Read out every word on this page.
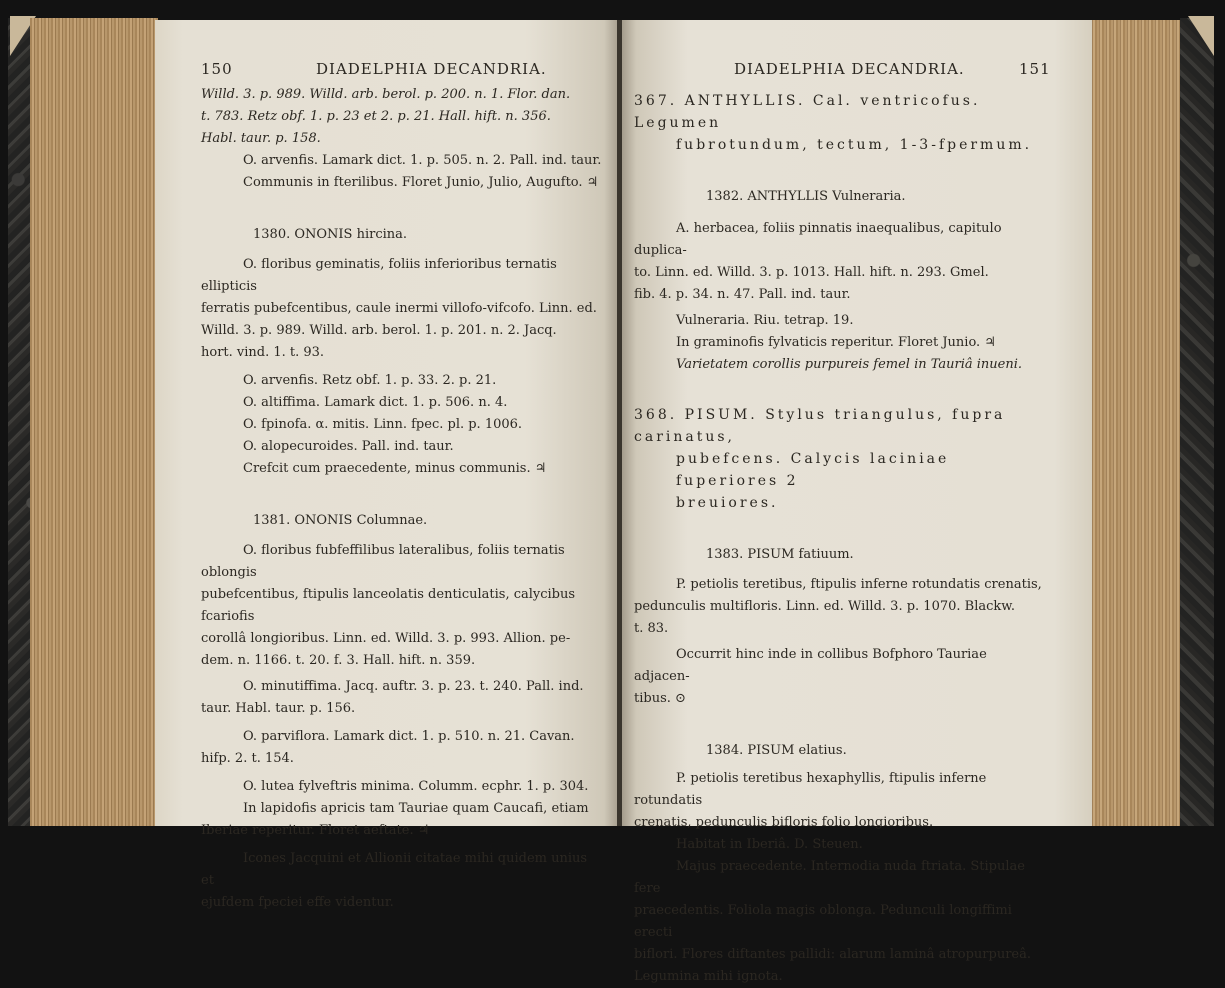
150	DIADELPHIA DECANDRIA.

Willd. 3. p. 989. Willd. arb. berol. p. 200. n. 1. Flor. dan.

t. 783. Retz obf. 1. p. 23 et 2. p. 21. Hall. hift. n. 356.

Habl. taur. p. 158.

O. arvenfis. Lamark dict. 1. p. 505. n. 2. Pall. ind. taur.

Communis in fterilibus. Floret Junio, Julio, Augufto. ♃

1380. ONONIS hircina.

O. floribus geminatis, foliis inferioribus ternatis ellipticis

ferratis pubefcentibus, caule inermi villofo-vifcofo. Linn. ed.

Willd. 3. p. 989. Willd. arb. berol. 1. p. 201. n. 2. Jacq.

hort. vind. 1. t. 93.

O. arvenfis. Retz obf. 1. p. 33. 2. p. 21.

O. altiffima. Lamark dict. 1. p. 506. n. 4.

O. fpinofa. α. mitis. Linn. fpec. pl. p. 1006.

O. alopecuroides. Pall. ind. taur.

Crefcit cum praecedente, minus communis. ♃

1381. ONONIS Columnae.

O. floribus fubfeffilibus lateralibus, foliis ternatis oblongis

pubefcentibus, ftipulis lanceolatis denticulatis, calycibus fcariofis

corollâ longioribus. Linn. ed. Willd. 3. p. 993. Allion. pe-

dem. n. 1166. t. 20. f. 3. Hall. hift. n. 359.

O. minutiffima. Jacq. auftr. 3. p. 23. t. 240. Pall. ind.

taur. Habl. taur. p. 156.

O. parviflora. Lamark dict. 1. p. 510. n. 21. Cavan.

hifp. 2. t. 154.

O. lutea fylveftris minima. Columm. ecphr. 1. p. 304.

In lapidofis apricis tam Tauriae quam Caucafi, etiam

Iberiae reperitur. Floret aeftate. ♃

Icones Jacquini et Allionii citatae mihi quidem unius et

ejufdem fpeciei effe videntur.

DIADELPHIA DECANDRIA.	151

367. ANTHYLLIS. Cal. ventricofus. Legumen

fubrotundum, tectum, 1-3-fpermum.

1382. ANTHYLLIS Vulneraria.

A. herbacea, foliis pinnatis inaequalibus, capitulo duplica-

to. Linn. ed. Willd. 3. p. 1013. Hall. hift. n. 293. Gmel.

fib. 4. p. 34. n. 47. Pall. ind. taur.

Vulneraria. Riu. tetrap. 19.

In graminofis fylvaticis reperitur. Floret Junio. ♃

Varietatem corollis purpureis femel in Tauriâ inueni.

368. PISUM. Stylus triangulus, fupra carinatus,

pubefcens. Calycis laciniae fuperiores 2

breuiores.

1383. PISUM fatiuum.

P. petiolis teretibus, ftipulis inferne rotundatis crenatis,

pedunculis multifloris. Linn. ed. Willd. 3. p. 1070. Blackw.

t. 83.

Occurrit hinc inde in collibus Bofphoro Tauriae adjacen-

tibus. ⊙

1384. PISUM elatius.

P. petiolis teretibus hexaphyllis, ftipulis inferne rotundatis

crenatis, pedunculis bifloris folio longioribus.

Habitat in Iberiâ. D. Steuen.

Majus praecedente. Internodia nuda ftriata. Stipulae fere

praecedentis. Foliola magis oblonga. Pedunculi longiffimi erecti

biflori. Flores diftantes pallidi: alarum laminâ atropurpureâ.

Legumina mihi ignota.
